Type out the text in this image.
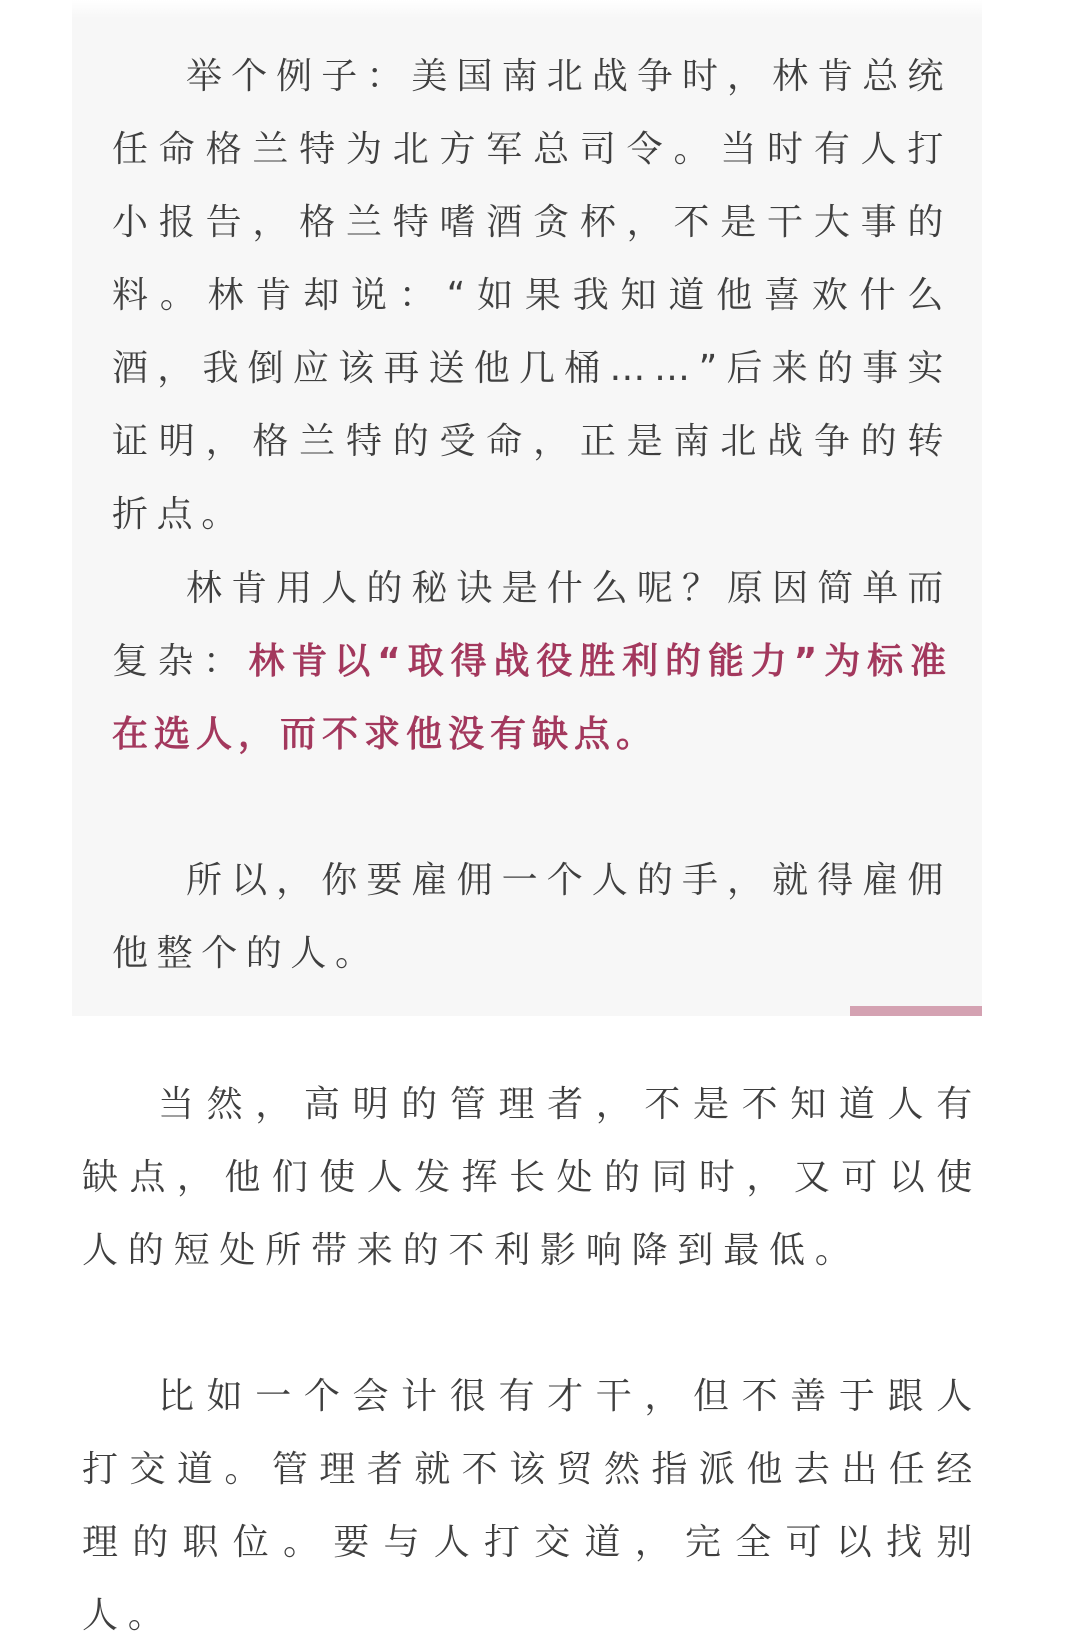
举个例子：美国南北战争时，林肯总统任命格兰特为北方军总司令。当时有人打小报告，格兰特嗜酒贪杯，不是干大事的料。林肯却说：“如果我知道他喜欢什么酒，我倒应该再送他几桶……”后来的事实证明，格兰特的受命，正是南北战争的转折点。

林肯用人的秘诀是什么呢？原因简单而复杂：林肯以“取得战役胜利的能力”为标准在选人，而不求他没有缺点。

所以，你要雇佣一个人的手，就得雇佣他整个的人。

当然，高明的管理者，不是不知道人有缺点，他们使人发挥长处的同时，又可以使人的短处所带来的不利影响降到最低。

比如一个会计很有才干，但不善于跟人打交道。管理者就不该贸然指派他去出任经理的职位。要与人打交道，完全可以找别人。
